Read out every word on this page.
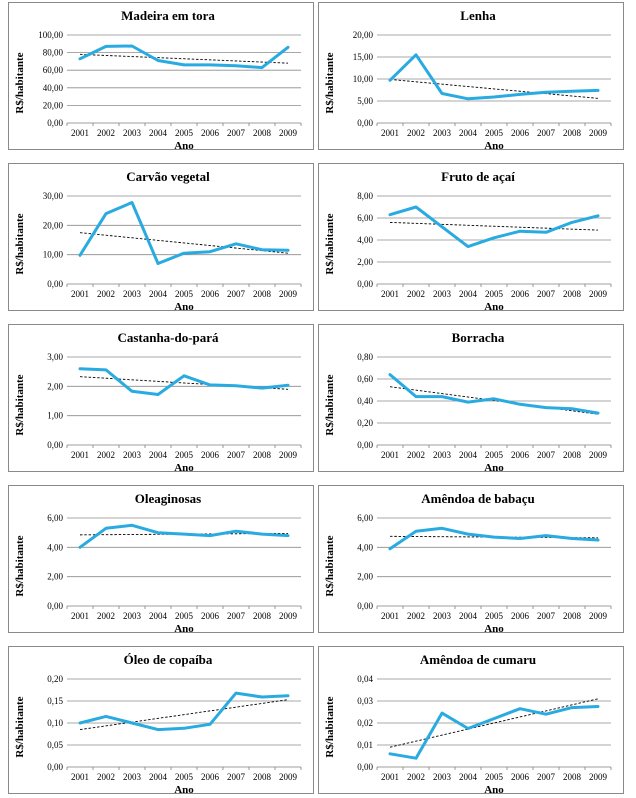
Madeira em tora
0,00
20,00
40,00
60,00
80,00
100,00
2001 2002 2003 2004 2005 2006 2007 2008 2009
Ano
R$/habitante
Lenha
0,00
5,00
10,00
15,00
20,00
2001 2002 2003 2004 2005 2006 2007 2008 2009
Ano
R$/habitante
Carvão vegetal
0,00
10,00
20,00
30,00
2001 2002 2003 2004 2005 2006 2007 2008 2009
Ano
R$/habitante
Fruto de açaí
0,00
2,00
4,00
6,00
8,00
2001 2002 2003 2004 2005 2006 2007 2008 2009
Ano
R$/habitante
Castanha-do-pará
0,00
1,00
2,00
3,00
2001 2002 2003 2004 2005 2006 2007 2008 2009
Ano
R$/habitante
Borracha
0,00
0,20
0,40
0,60
0,80
2001 2002 2003 2004 2005 2006 2007 2008 2009
Ano
R$/habitante
Oleaginosas
0,00
2,00
4,00
6,00
2001 2002 2003 2004 2005 2006 2007 2008 2009
Ano
R$/habitante
Amêndoa de babaçu
0,00
2,00
4,00
6,00
2001 2002 2003 2004 2005 2006 2007 2008 2009
Ano
R$/habitante
Óleo de copaíba
0,00
0,05
0,10
0,15
0,20
2001 2002 2003 2004 2005 2006 2007 2008 2009
Ano
R$/habitante
Amêndoa de cumaru
0,00
0,01
0,02
0,03
0,04
2001 2002 2003 2004 2005 2006 2007 2008 2009
Ano
R$/habitante
